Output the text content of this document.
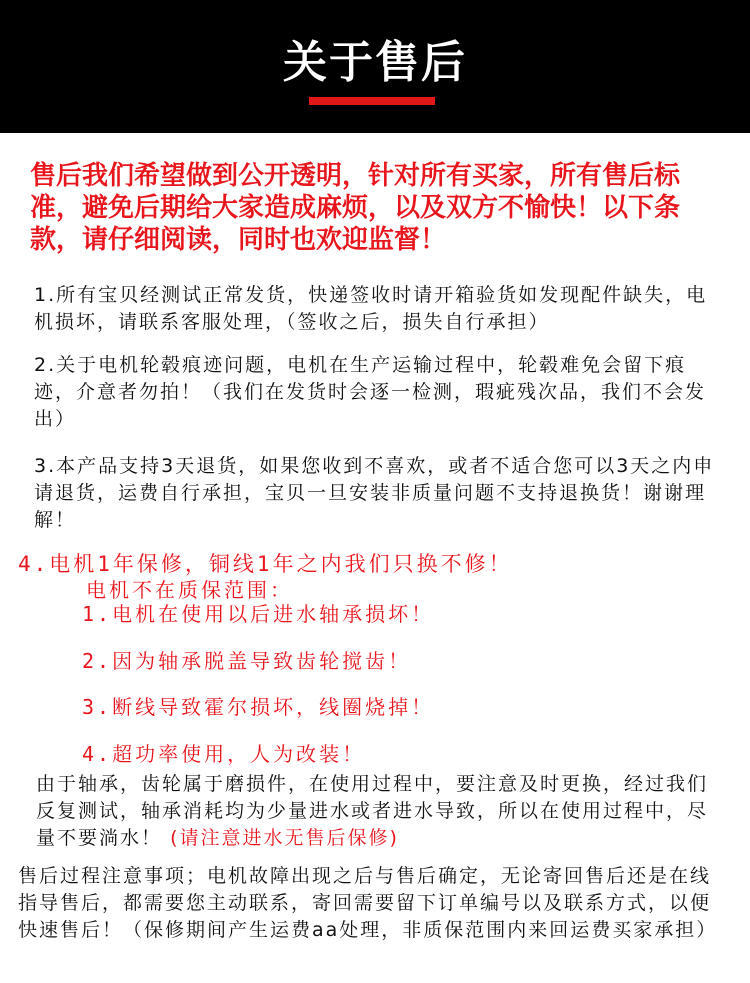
关于售后
售后我们希望做到公开透明，针对所有买家，所有售后标准，避免后期给大家造成麻烦，以及双方不愉快！以下条款，请仔细阅读，同时也欢迎监督！
1.所有宝贝经测试正常发货，快递签收时请开箱验货如发现配件缺失，电机损坏，请联系客服处理，（签收之后，损失自行承担）
2.关于电机轮毂痕迹问题，电机在生产运输过程中，轮毂难免会留下痕迹，介意者勿拍！（我们在发货时会逐一检测，瑕疵残次品，我们不会发出）
3.本产品支持3天退货，如果您收到不喜欢，或者不适合您可以3天之内申请退货，运费自行承担，宝贝一旦安装非质量问题不支持退换货！谢谢理解！
4.电机1年保修，铜线1年之内我们只换不修！
电机不在质保范围：
1.电机在使用以后进水轴承损坏！
2.因为轴承脱盖导致齿轮搅齿！
3.断线导致霍尔损坏，线圈烧掉！
4.超功率使用，人为改装！
由于轴承，齿轮属于磨损件，在使用过程中，要注意及时更换，经过我们反复测试，轴承消耗均为少量进水或者进水导致，所以在使用过程中，尽量不要淌水！ (请注意进水无售后保修)
售后过程注意事项；电机故障出现之后与售后确定，无论寄回售后还是在线指导售后，都需要您主动联系，寄回需要留下订单编号以及联系方式，以便快速售后！（保修期间产生运费aa处理，非质保范围内来回运费买家承担）
